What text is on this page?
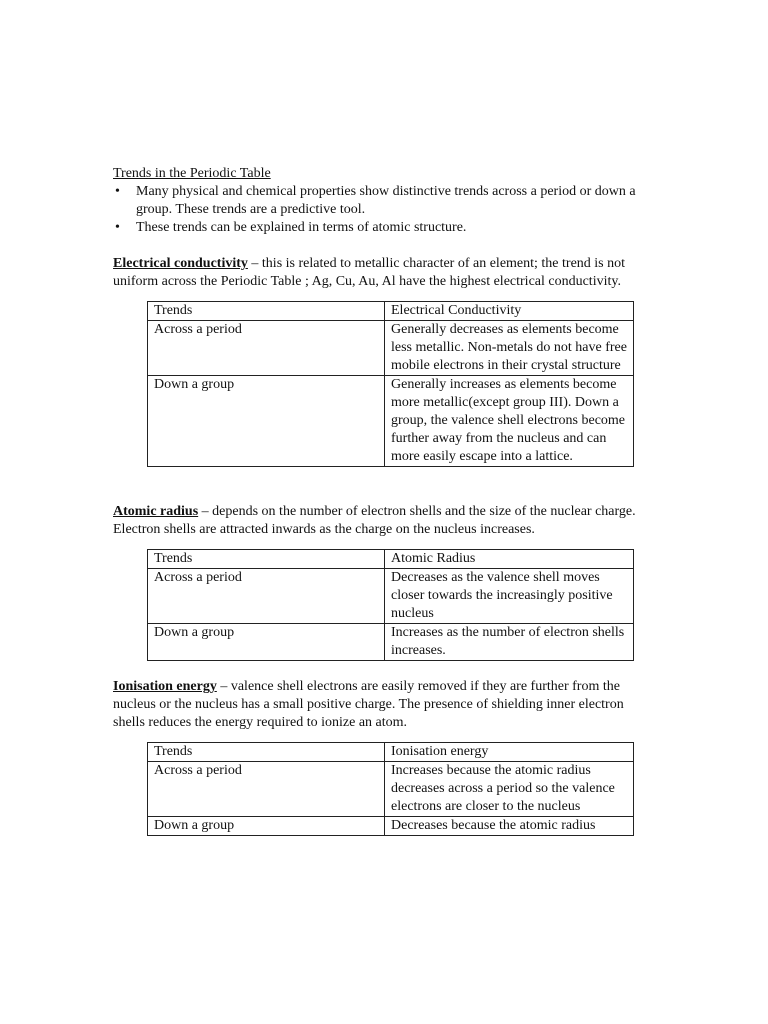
Trends in the Periodic Table

• Many physical and chemical properties show distinctive trends across a period or down a group. These trends are a predictive tool.
• These trends can be explained in terms of atomic structure.

Electrical conductivity – this is related to metallic character of an element; the trend is not uniform across the Periodic Table ; Ag, Cu, Au, Al have the highest electrical conductivity.

Trends	Electrical Conductivity
Across a period	Generally decreases as elements become less metallic. Non-metals do not have free mobile electrons in their crystal structure
Down a group	Generally increases as elements become more metallic(except group III). Down a group, the valence shell electrons become further away from the nucleus and can more easily escape into a lattice.

Atomic radius – depends on the number of electron shells and the size of the nuclear charge. Electron shells are attracted inwards as the charge on the nucleus increases.

Trends	Atomic Radius
Across a period	Decreases as the valence shell moves closer towards the increasingly positive nucleus
Down a group	Increases as the number of electron shells increases.

Ionisation energy – valence shell electrons are easily removed if they are further from the nucleus or the nucleus has a small positive charge. The presence of shielding inner electron shells reduces the energy required to ionize an atom.

Trends	Ionisation energy
Across a period	Increases because the atomic radius decreases across a period so the valence electrons are closer to the nucleus
Down a group	Decreases because the atomic radius
